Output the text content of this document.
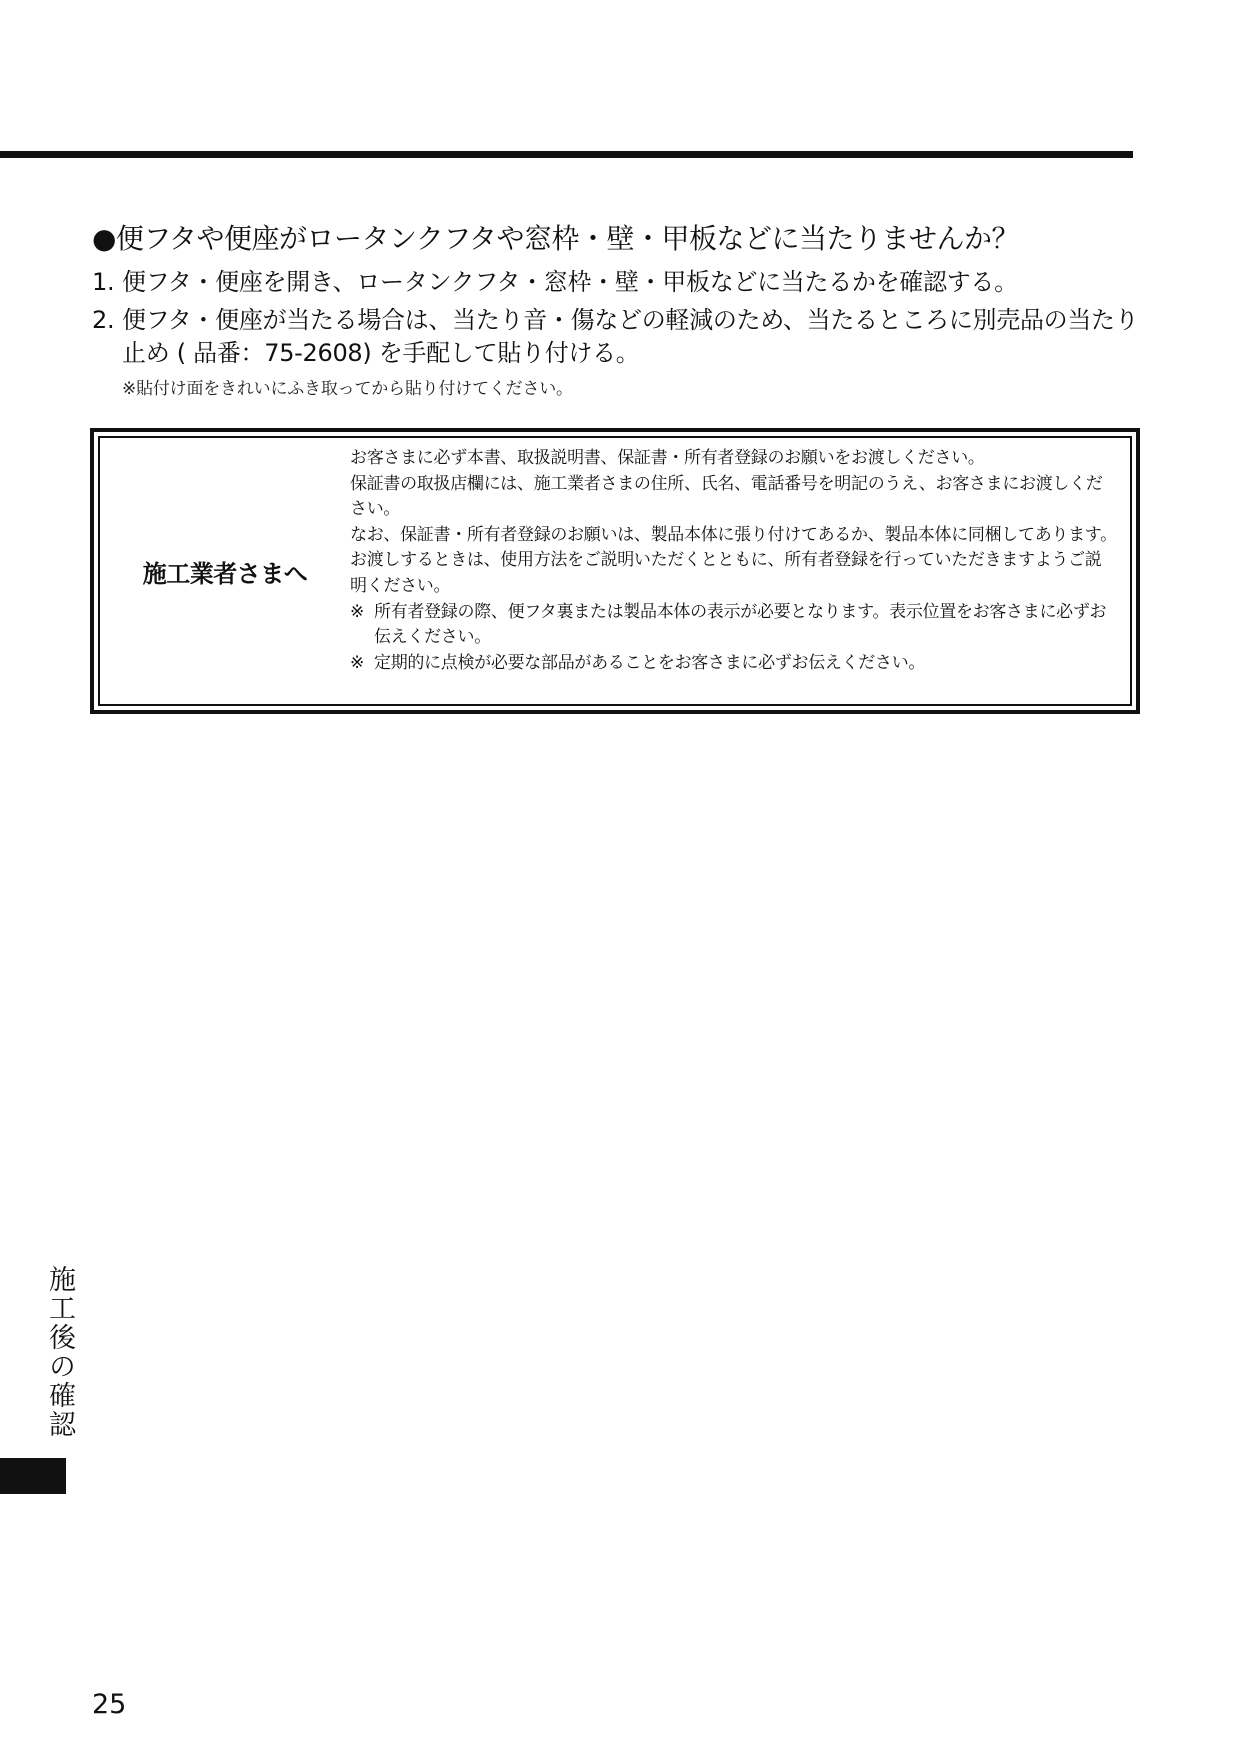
●便フタや便座がロータンクフタや窓枠・壁・甲板などに当たりませんか？
1. 便フタ・便座を開き、ロータンクフタ・窓枠・壁・甲板などに当たるかを確認する。
2. 便フタ・便座が当たる場合は、当たり音・傷などの軽減のため、当たるところに別売品の当たり止め ( 品番：75-2608) を手配して貼り付ける。
※貼付け面をきれいにふき取ってから貼り付けてください。
施工業者さまへ

お客さまに必ず本書、取扱説明書、保証書・所有者登録のお願いをお渡しください。

保証書の取扱店欄には、施工業者さまの住所、氏名、電話番号を明記のうえ、お客さまにお渡しください。

なお、保証書・所有者登録のお願いは、製品本体に張り付けてあるか、製品本体に同梱してあります。

お渡しするときは、使用方法をご説明いただくとともに、所有者登録を行っていただきますようご説明ください。

※ 所有者登録の際、便フタ裏または製品本体の表示が必要となります。表示位置をお客さまに必ずお伝えください。
※ 定期的に点検が必要な部品があることをお客さまに必ずお伝えください。
施工後の確認
25
